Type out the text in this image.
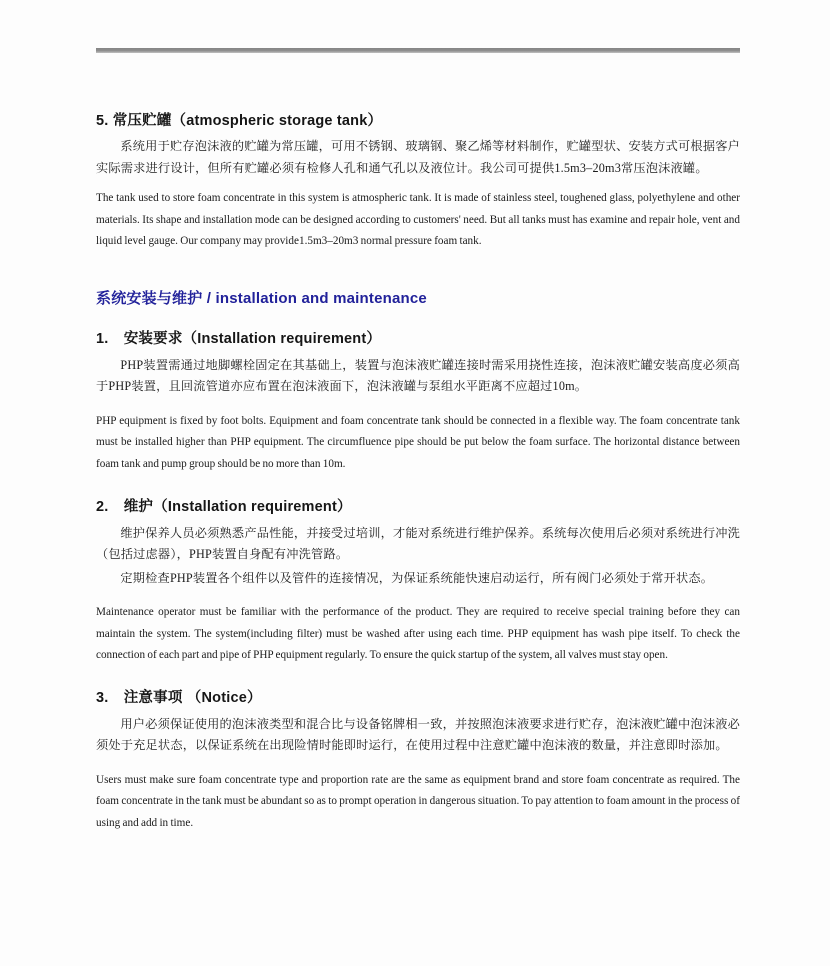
5. 常压贮罐（atmospheric storage tank）

系统用于贮存泡沫液的贮罐为常压罐，可用不锈钢、玻璃钢、聚乙烯等材料制作，贮罐型状、安装方式可根据客户实际需求进行设计，但所有贮罐必须有检修人孔和通气孔以及液位计。我公司可提供1.5m3–20m3常压泡沫液罐。

The tank used to store foam concentrate in this system is atmospheric tank. It is made of stainless steel, toughened glass, polyethylene and other materials. Its shape and installation mode can be designed according to customers' need. But all tanks must has examine and repair hole, vent and liquid level gauge. Our company may provide1.5m3–20m3 normal pressure foam tank.

系统安装与维护 / installation and maintenance
1. 安装要求（Installation requirement）

PHP装置需通过地脚螺栓固定在其基础上，装置与泡沫液贮罐连接时需采用挠性连接，泡沫液贮罐安装高度必须高于PHP装置，且回流管道亦应布置在泡沫液面下，泡沫液罐与泵组水平距离不应超过10m。

PHP equipment is fixed by foot bolts. Equipment and foam concentrate tank should be connected in a flexible way. The foam concentrate tank must be installed higher than PHP equipment. The circumfluence pipe should be put below the foam surface. The horizontal distance between foam tank and pump group should be no more than 10m.

2. 维护（Installation requirement）

维护保养人员必须熟悉产品性能，并接受过培训，才能对系统进行维护保养。系统每次使用后必须对系统进行冲洗（包括过虑器），PHP装置自身配有冲洗管路。

定期检查PHP装置各个组件以及管件的连接情况，为保证系统能快速启动运行，所有阀门必须处于常开状态。

Maintenance operator must be familiar with the performance of the product. They are required to receive special training before they can maintain the system. The system(including filter) must be washed after using each time. PHP equipment has wash pipe itself. To check the connection of each part and pipe of PHP equipment regularly. To ensure the quick startup of the system, all valves must stay open.

3. 注意事项 （Notice）

用户必须保证使用的泡沫液类型和混合比与设备铭牌相一致，并按照泡沫液要求进行贮存，泡沫液贮罐中泡沫液必须处于充足状态，以保证系统在出现险情时能即时运行，在使用过程中注意贮罐中泡沫液的数量，并注意即时添加。

Users must make sure foam concentrate type and proportion rate are the same as equipment brand and store foam concentrate as required. The foam concentrate in the tank must be abundant so as to prompt operation in dangerous situation. To pay attention to foam amount in the process of using and add in time.
